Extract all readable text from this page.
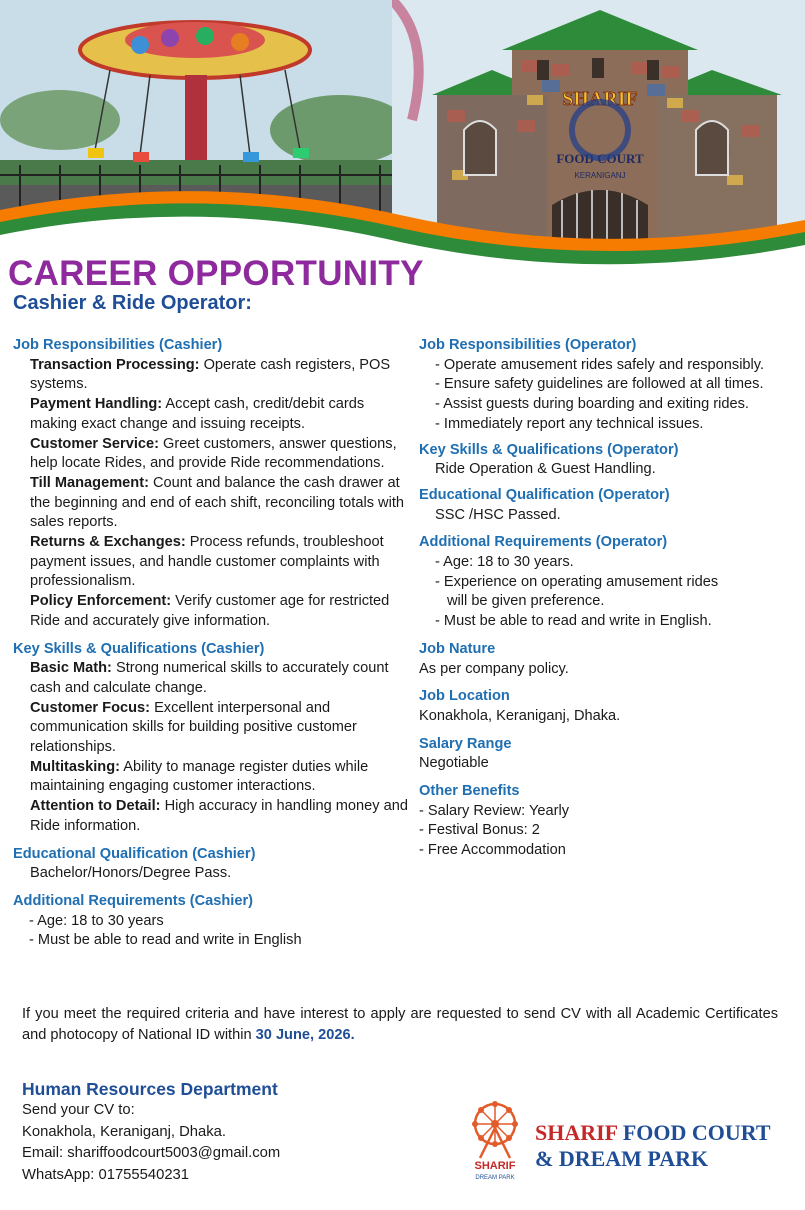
SHARIF
FOOD COURT
KERANIGANJ
CAREER OPPORTUNITY
Cashier & Ride Operator:
Job Responsibilities (Cashier)
Transaction Processing: Operate cash registers, POS systems.
Payment Handling: Accept cash, credit/debit cards making exact change and issuing receipts.
Customer Service: Greet customers, answer questions, help locate Rides, and provide Ride recommendations.
Till Management: Count and balance the cash drawer at the beginning and end of each shift, reconciling totals with sales reports.
Returns & Exchanges: Process refunds, troubleshoot payment issues, and handle customer complaints with professionalism.
Policy Enforcement: Verify customer age for restricted Ride and accurately give information.
Key Skills & Qualifications (Cashier)
Basic Math: Strong numerical skills to accurately count cash and calculate change.
Customer Focus: Excellent interpersonal and communication skills for building positive customer relationships.
Multitasking: Ability to manage register duties while maintaining engaging customer interactions.
Attention to Detail: High accuracy in handling money and Ride information.
Educational Qualification (Cashier)
Bachelor/Honors/Degree Pass.
Additional Requirements (Cashier)
- Age: 18 to 30 years
- Must be able to read and write in English
Job Responsibilities (Operator)
- Operate amusement rides safely and responsibly.
- Ensure safety guidelines are followed at all times.
- Assist guests during boarding and exiting rides.
- Immediately report any technical issues.
Key Skills & Qualifications (Operator)
Ride Operation & Guest Handling.
Educational Qualification (Operator)
SSC /HSC Passed.
Additional Requirements (Operator)
- Age: 18 to 30 years.
- Experience on operating amusement rides
will be given preference.
- Must be able to read and write in English.
Job Nature
As per company policy.
Job Location
Konakhola, Keraniganj, Dhaka.
Salary Range
Negotiable
Other Benefits
- Salary Review: Yearly
- Festival Bonus: 2
- Free Accommodation
If you meet the required criteria and have interest to apply are requested to send CV with all Academic Certificates and photocopy of National ID within 30 June, 2026.
Human Resources Department
Send your CV to:
Konakhola, Keraniganj, Dhaka.
Email: shariffoodcourt5003@gmail.com
WhatsApp: 01755540231
SHARIF
DREAM PARK
SHARIF FOOD COURT
& DREAM PARK
